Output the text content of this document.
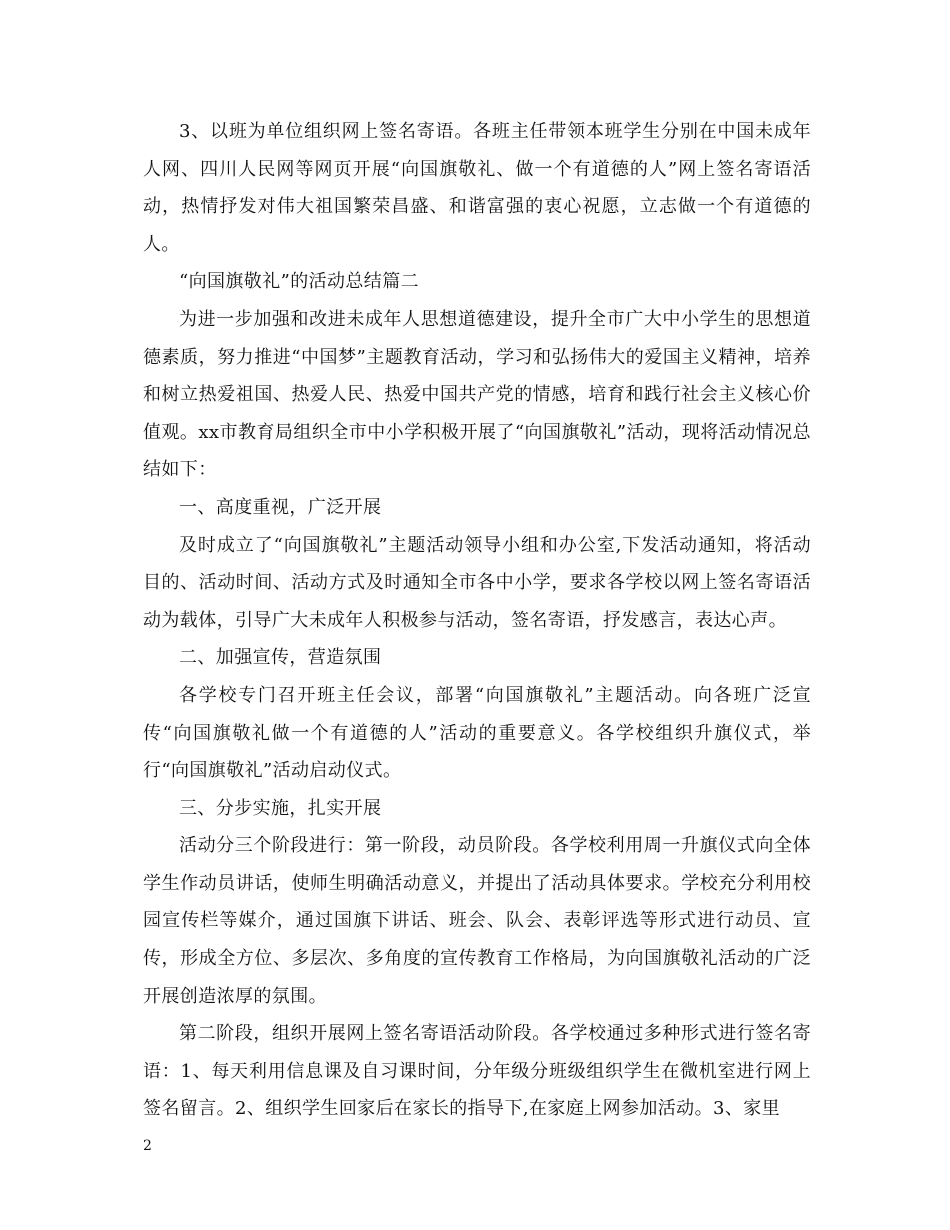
3、以班为单位组织网上签名寄语。各班主任带领本班学生分别在中国未成年人网、四川人民网等网页开展“向国旗敬礼、做一个有道德的人”网上签名寄语活动，热情抒发对伟大祖国繁荣昌盛、和谐富强的衷心祝愿，立志做一个有道德的人。

“向国旗敬礼”的活动总结篇二

为进一步加强和改进未成年人思想道德建设，提升全市广大中小学生的思想道德素质，努力推进“中国梦”主题教育活动，学习和弘扬伟大的爱国主义精神，培养和树立热爱祖国、热爱人民、热爱中国共产党的情感，培育和践行社会主义核心价值观。xx市教育局组织全市中小学积极开展了“向国旗敬礼”活动，现将活动情况总结如下：

一、高度重视，广泛开展

及时成立了“向国旗敬礼”主题活动领导小组和办公室,下发活动通知，将活动目的、活动时间、活动方式及时通知全市各中小学，要求各学校以网上签名寄语活动为载体，引导广大未成年人积极参与活动，签名寄语，抒发感言，表达心声。

二、加强宣传，营造氛围

各学校专门召开班主任会议，部署“向国旗敬礼”主题活动。向各班广泛宣传“向国旗敬礼做一个有道德的人”活动的重要意义。各学校组织升旗仪式，举行“向国旗敬礼”活动启动仪式。

三、分步实施，扎实开展

活动分三个阶段进行：第一阶段，动员阶段。各学校利用周一升旗仪式向全体学生作动员讲话，使师生明确活动意义，并提出了活动具体要求。学校充分利用校园宣传栏等媒介，通过国旗下讲话、班会、队会、表彰评选等形式进行动员、宣传，形成全方位、多层次、多角度的宣传教育工作格局，为向国旗敬礼活动的广泛开展创造浓厚的氛围。

第二阶段，组织开展网上签名寄语活动阶段。各学校通过多种形式进行签名寄语：1、每天利用信息课及自习课时间，分年级分班级组织学生在微机室进行网上签名留言。2、组织学生回家后在家长的指导下,在家庭上网参加活动。3、家里

2
